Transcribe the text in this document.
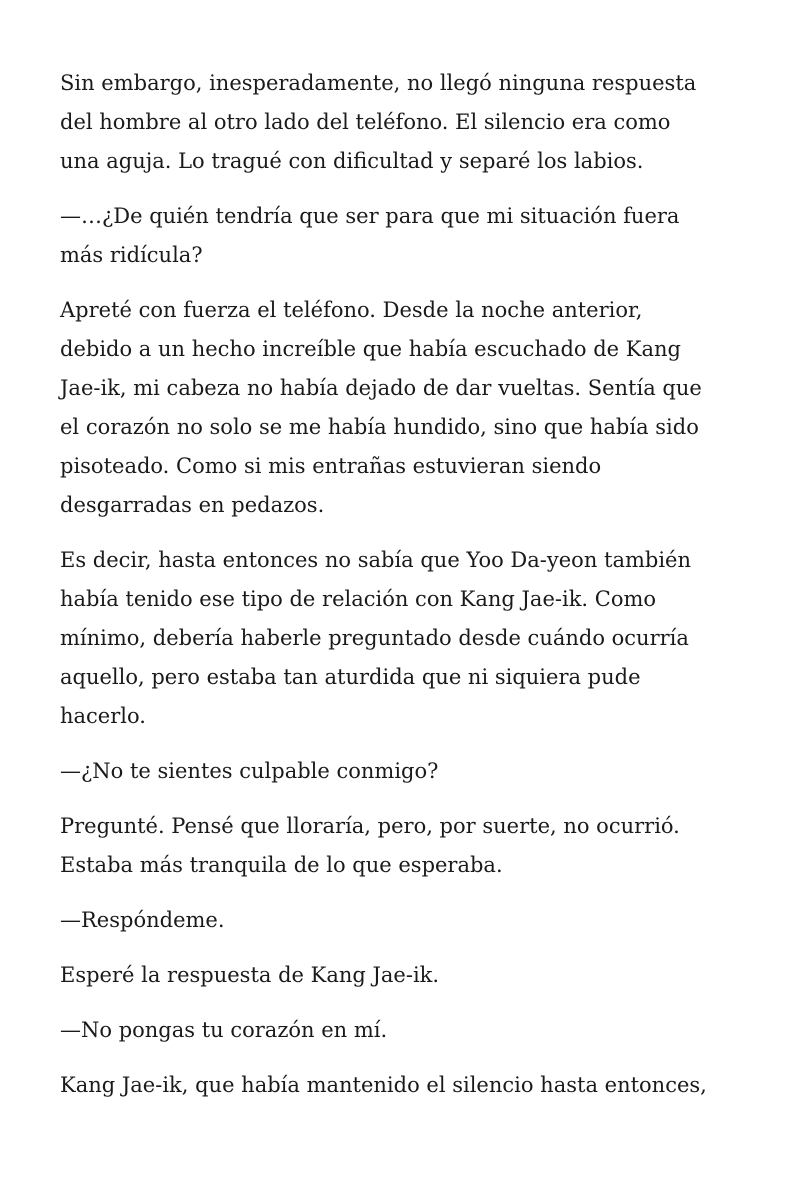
Sin embargo, inesperadamente, no llegó ninguna respuesta
del hombre al otro lado del teléfono. El silencio era como
una aguja. Lo tragué con dificultad y separé los labios.

—…¿De quién tendría que ser para que mi situación fuera
más ridícula?

Apreté con fuerza el teléfono. Desde la noche anterior,
debido a un hecho increíble que había escuchado de Kang
Jae-ik, mi cabeza no había dejado de dar vueltas. Sentía que
el corazón no solo se me había hundido, sino que había sido
pisoteado. Como si mis entrañas estuvieran siendo
desgarradas en pedazos.

Es decir, hasta entonces no sabía que Yoo Da-yeon también
había tenido ese tipo de relación con Kang Jae-ik. Como
mínimo, debería haberle preguntado desde cuándo ocurría
aquello, pero estaba tan aturdida que ni siquiera pude
hacerlo.

—¿No te sientes culpable conmigo?

Pregunté. Pensé que lloraría, pero, por suerte, no ocurrió.
Estaba más tranquila de lo que esperaba.

—Respóndeme.

Esperé la respuesta de Kang Jae-ik.

—No pongas tu corazón en mí.

Kang Jae-ik, que había mantenido el silencio hasta entonces,
